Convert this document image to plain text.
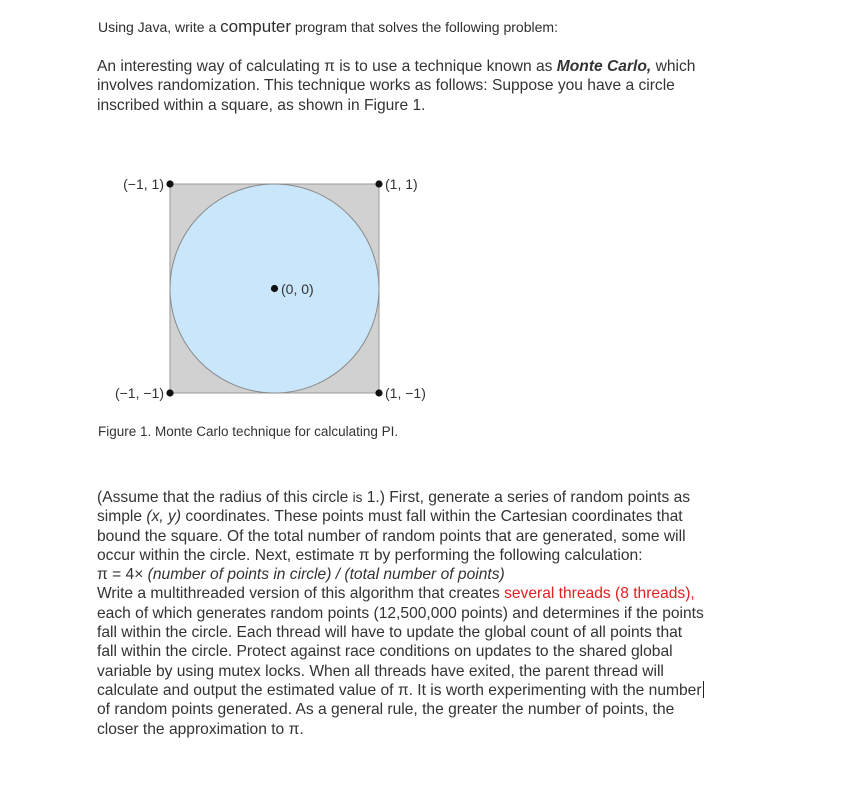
Using Java, write a computer program that solves the following problem:
An interesting way of calculating π is to use a technique known as Monte Carlo, which
involves randomization. This technique works as follows: Suppose you have a circle
inscribed within a square, as shown in Figure 1.
(−1, 1)	(1, 1)
(0, 0)
(−1, −1)	(1, −1)
Figure 1. Monte Carlo technique for calculating PI.
(Assume that the radius of this circle is 1.) First, generate a series of random points as
simple (x, y) coordinates. These points must fall within the Cartesian coordinates that
bound the square. Of the total number of random points that are generated, some will
occur within the circle. Next, estimate π by performing the following calculation:
π = 4× (number of points in circle) / (total number of points)
Write a multithreaded version of this algorithm that creates several threads (8 threads),
each of which generates random points (12,500,000 points) and determines if the points
fall within the circle. Each thread will have to update the global count of all points that
fall within the circle. Protect against race conditions on updates to the shared global
variable by using mutex locks. When all threads have exited, the parent thread will
calculate and output the estimated value of π. It is worth experimenting with the number
of random points generated. As a general rule, the greater the number of points, the
closer the approximation to π.
